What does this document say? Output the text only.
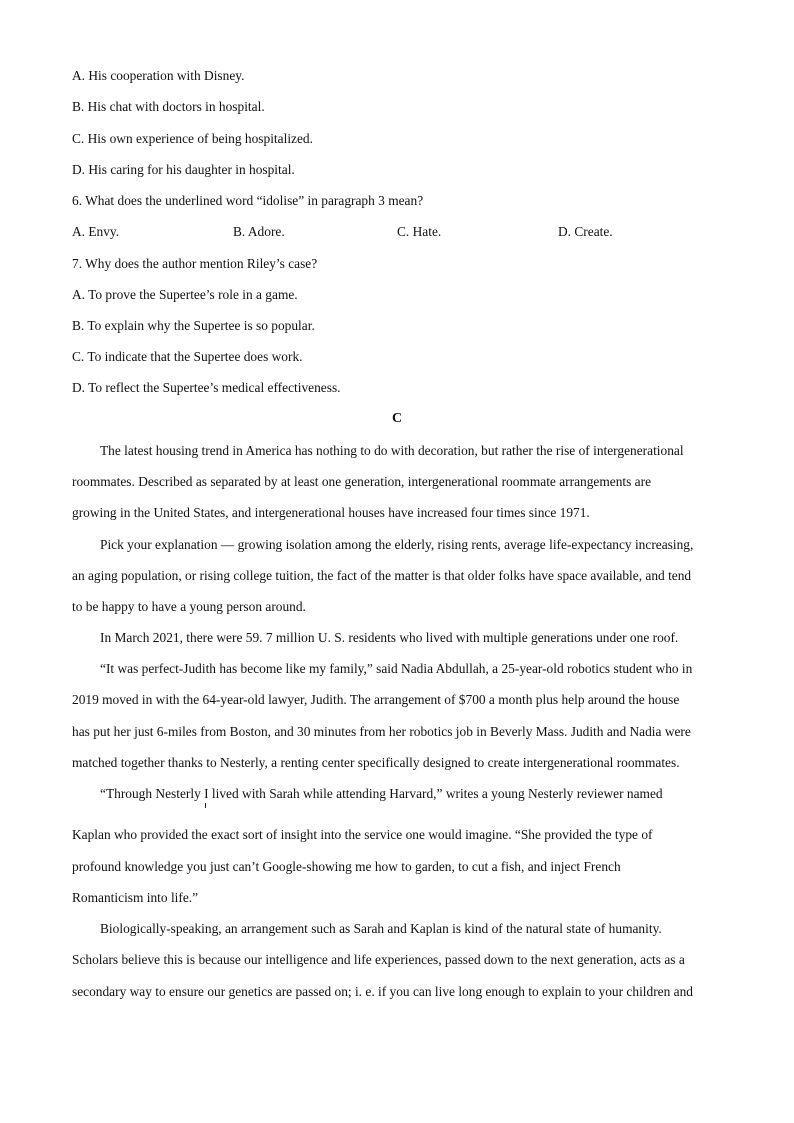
A. His cooperation with Disney.
B. His chat with doctors in hospital.
C. His own experience of being hospitalized.
D. His caring for his daughter in hospital.
6. What does the underlined word “idolise” in paragraph 3 mean?
A. Envy.	B. Adore.	C. Hate.	D. Create.
7. Why does the author mention Riley’s case?
A. To prove the Supertee’s role in a game.
B. To explain why the Supertee is so popular.
C. To indicate that the Supertee does work.
D. To reflect the Supertee’s medical effectiveness.
C
The latest housing trend in America has nothing to do with decoration, but rather the rise of intergenerational
roommates. Described as separated by at least one generation, intergenerational roommate arrangements are
growing in the United States, and intergenerational houses have increased four times since 1971.
Pick your explanation — growing isolation among the elderly, rising rents, average life-expectancy increasing,
an aging population, or rising college tuition, the fact of the matter is that older folks have space available, and tend
to be happy to have a young person around.
In March 2021, there were 59. 7 million U. S. residents who lived with multiple generations under one roof.
“It was perfect-Judith has become like my family,” said Nadia Abdullah, a 25-year-old robotics student who in
2019 moved in with the 64-year-old lawyer, Judith. The arrangement of $700 a month plus help around the house
has put her just 6-miles from Boston, and 30 minutes from her robotics job in Beverly Mass. Judith and Nadia were
matched together thanks to Nesterly, a renting center specifically designed to create intergenerational roommates.
“Through Nesterly I lived with Sarah while attending Harvard,” writes a young Nesterly reviewer named
Kaplan who provided the exact sort of insight into the service one would imagine. “She provided the type of
profound knowledge you just can’t Google-showing me how to garden, to cut a fish, and inject French
Romanticism into life.”
Biologically-speaking, an arrangement such as Sarah and Kaplan is kind of the natural state of humanity.
Scholars believe this is because our intelligence and life experiences, passed down to the next generation, acts as a
secondary way to ensure our genetics are passed on; i. e. if you can live long enough to explain to your children and
